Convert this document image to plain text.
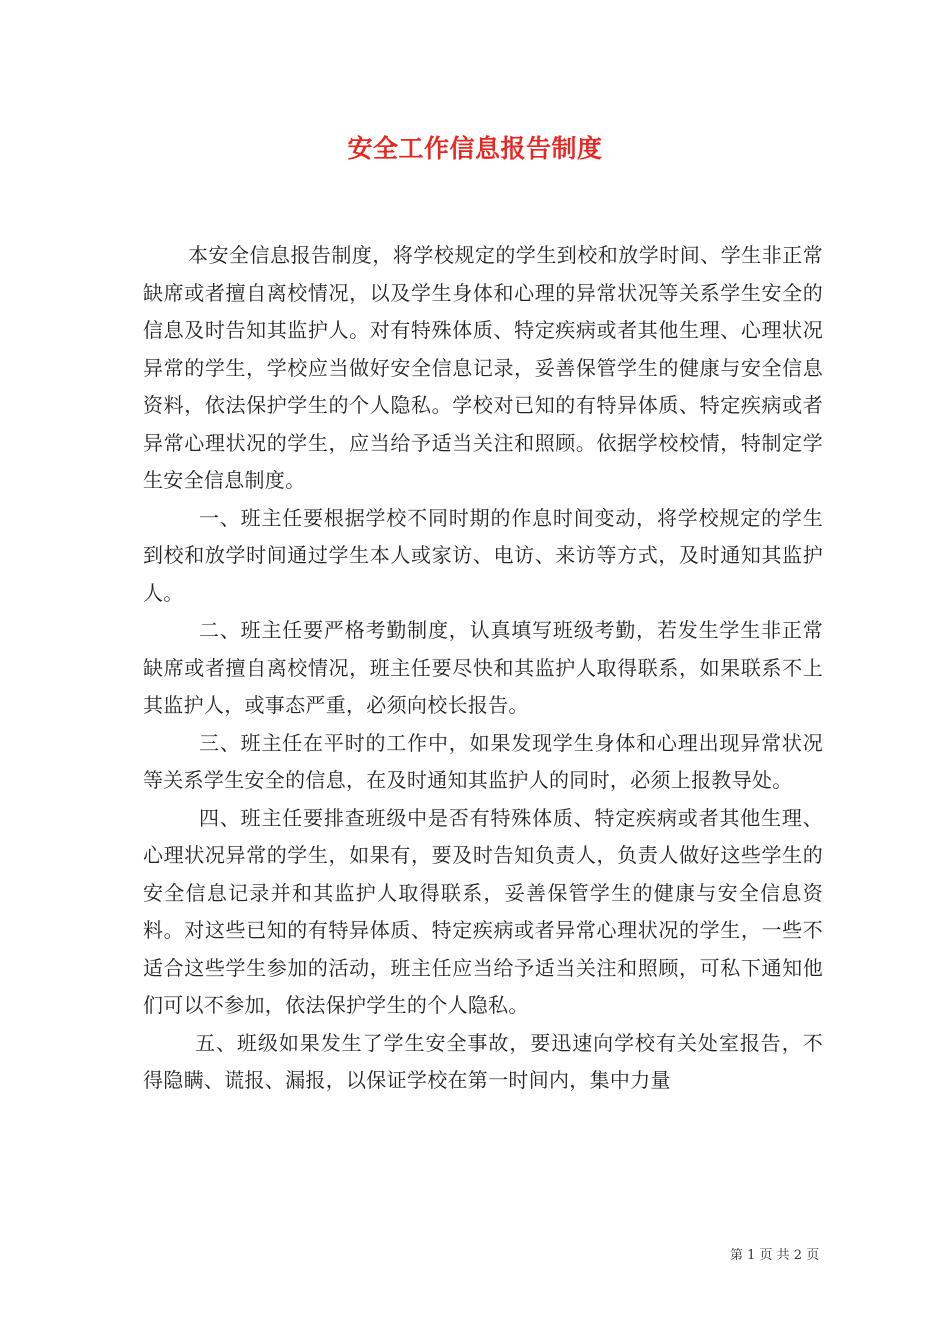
安全工作信息报告制度

本安全信息报告制度，将学校规定的学生到校和放学时间、学生非正常缺席或者擅自离校情况，以及学生身体和心理的异常状况等关系学生安全的信息及时告知其监护人。对有特殊体质、特定疾病或者其他生理、心理状况异常的学生，学校应当做好安全信息记录，妥善保管学生的健康与安全信息资料，依法保护学生的个人隐私。学校对已知的有特异体质、特定疾病或者异常心理状况的学生，应当给予适当关注和照顾。依据学校校情，特制定学生安全信息制度。

一、班主任要根据学校不同时期的作息时间变动，将学校规定的学生到校和放学时间通过学生本人或家访、电访、来访等方式，及时通知其监护人。

二、班主任要严格考勤制度，认真填写班级考勤，若发生学生非正常缺席或者擅自离校情况，班主任要尽快和其监护人取得联系，如果联系不上其监护人，或事态严重，必须向校长报告。

三、班主任在平时的工作中，如果发现学生身体和心理出现异常状况等关系学生安全的信息，在及时通知其监护人的同时，必须上报教导处。

四、班主任要排查班级中是否有特殊体质、特定疾病或者其他生理、心理状况异常的学生，如果有，要及时告知负责人，负责人做好这些学生的安全信息记录并和其监护人取得联系，妥善保管学生的健康与安全信息资料。对这些已知的有特异体质、特定疾病或者异常心理状况的学生，一些不适合这些学生参加的活动，班主任应当给予适当关注和照顾，可私下通知他们可以不参加，依法保护学生的个人隐私。

五、班级如果发生了学生安全事故，要迅速向学校有关处室报告，不得隐瞒、谎报、漏报，以保证学校在第一时间内，集中力量

第 1 页 共 2 页
